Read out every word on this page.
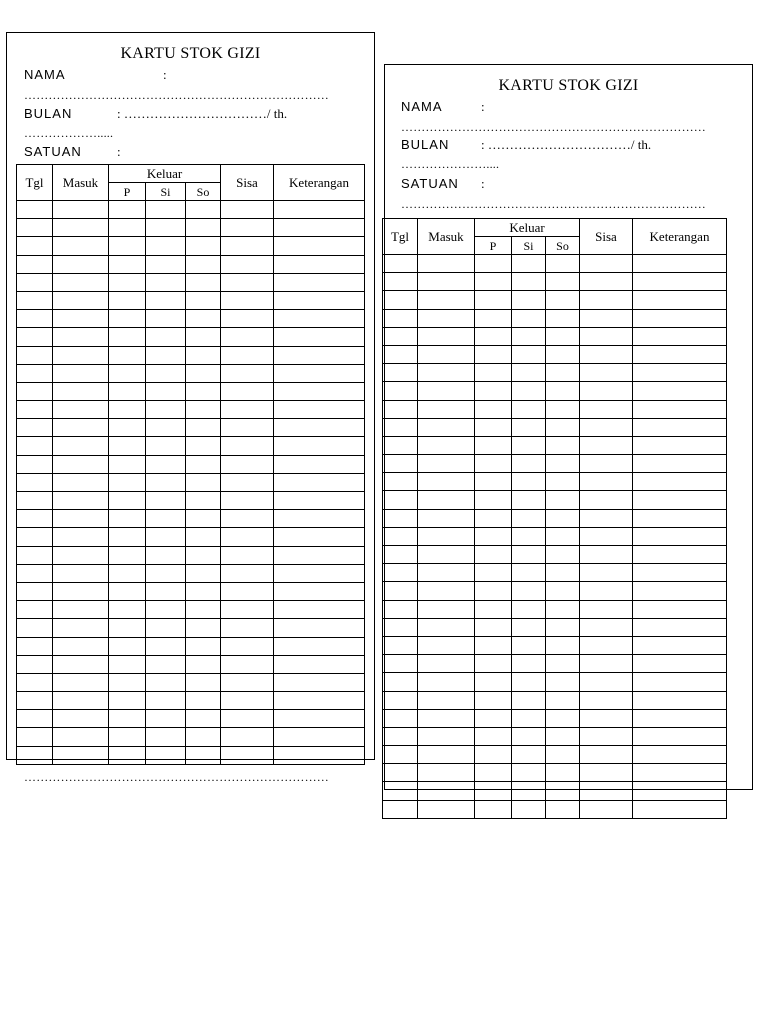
KARTU STOK GIZI
NAMA	:
…………………………………………………………………
BULAN	: ……………………………/ th.
……………….....
SATUAN	:
KARTU STOK GIZI
NAMA	:
…………………………………………………………………
BULAN : ……………………………/ th.
…………………....
SATUAN :
…………………………………………………………………
…………………………………………………………………
Tgl	Masuk	Keluar			Sisa	Keterangan
		P	Si	So		

Tgl	Masuk	Keluar			Sisa	Keterangan
		P	Si	So		
